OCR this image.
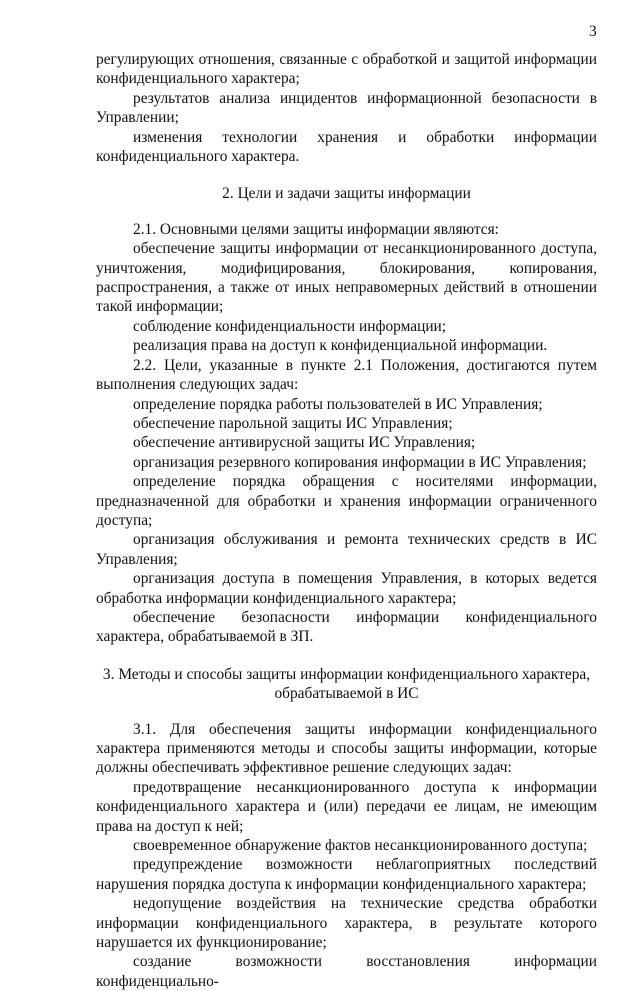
3

регулирующих отношения, связанные с обработкой и защитой информации конфиденциального характера;

результатов анализа инцидентов информационной безопасности в Управлении;

изменения технологии хранения и обработки информации конфиденциального характера.

2. Цели и задачи защиты информации

2.1. Основными целями защиты информации являются:

обеспечение защиты информации от несанкционированного доступа, уничтожения, модифицирования, блокирования, копирования, распространения, а также от иных неправомерных действий в отношении такой информации;

соблюдение конфиденциальности информации;

реализация права на доступ к конфиденциальной информации.

2.2. Цели, указанные в пункте 2.1 Положения, достигаются путем выполнения следующих задач:

определение порядка работы пользователей в ИС Управления;

обеспечение парольной защиты ИС Управления;

обеспечение антивирусной защиты ИС Управления;

организация резервного копирования информации в ИС Управления;

определение порядка обращения с носителями информации, предназначенной для обработки и хранения информации ограниченного доступа;

организация обслуживания и ремонта технических средств в ИС Управления;

организация доступа в помещения Управления, в которых ведется обработка информации конфиденциального характера;

обеспечение безопасности информации конфиденциального характера, обрабатываемой в ЗП.

3. Методы и способы защиты информации конфиденциального характера,
обрабатываемой в ИС

3.1. Для обеспечения защиты информации конфиденциального характера применяются методы и способы защиты информации, которые должны обеспечивать эффективное решение следующих задач:

предотвращение несанкционированного доступа к информации конфиденциального характера и (или) передачи ее лицам, не имеющим права на доступ к ней;

своевременное обнаружение фактов несанкционированного доступа;

предупреждение возможности неблагоприятных последствий нарушения порядка доступа к информации конфиденциального характера;

недопущение воздействия на технические средства обработки информации конфиденциального характера, в результате которого нарушается их функционирование;

создание возможности восстановления информации конфиденциально-
